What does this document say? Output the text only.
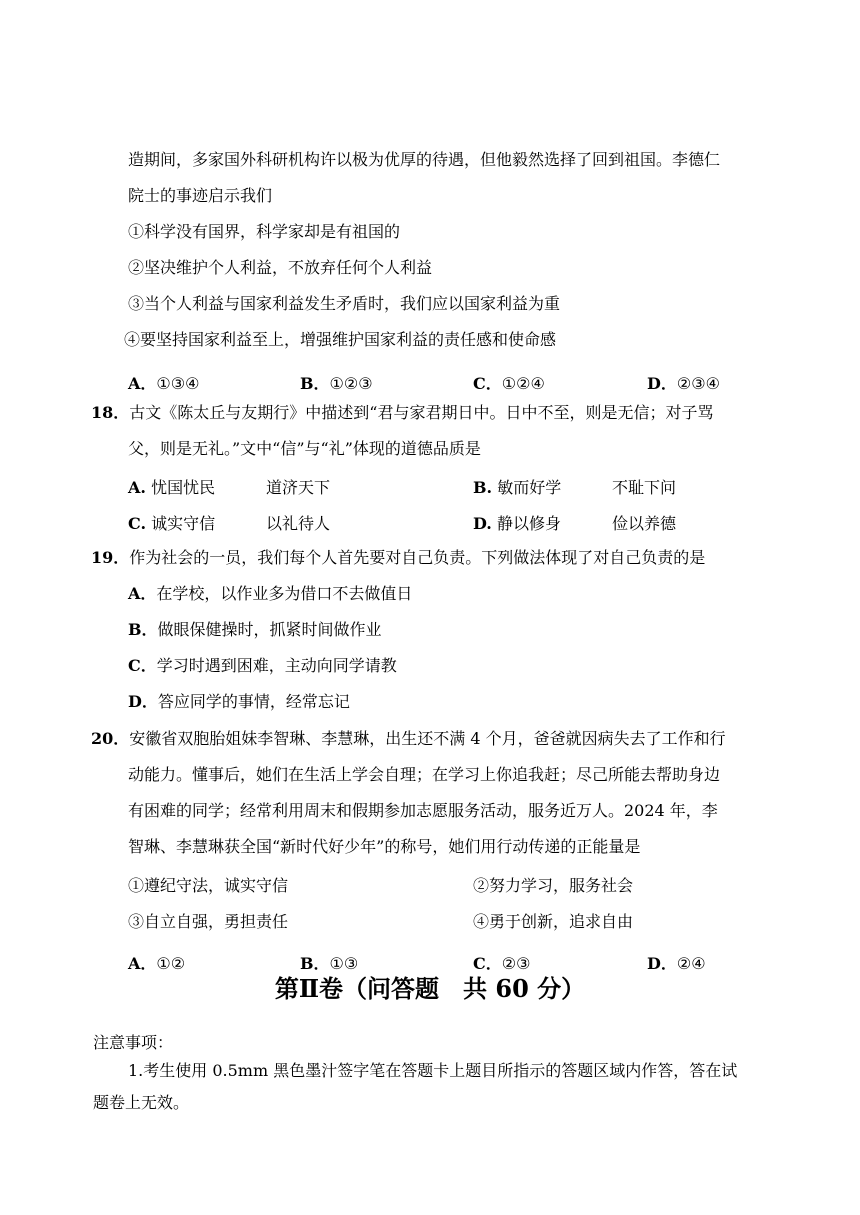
造期间，多家国外科研机构许以极为优厚的待遇，但他毅然选择了回到祖国。李德仁
院士的事迹启示我们
①科学没有国界，科学家却是有祖国的
②坚决维护个人利益，不放弃任何个人利益
③当个人利益与国家利益发生矛盾时，我们应以国家利益为重
④要坚持国家利益至上，增强维护国家利益的责任感和使命感
A．①③④	B．①②③	C．①②④	D．②③④
18．古文《陈太丘与友期行》中描述到“君与家君期日中。日中不至，则是无信；对子骂
父，则是无礼。”文中“信”与“礼”体现的道德品质是
A. 忧国忧民	道济天下	B. 敏而好学	不耻下问
C. 诚实守信	以礼待人	D. 静以修身	俭以养德
19．作为社会的一员，我们每个人首先要对自己负责。下列做法体现了对自己负责的是
A．在学校，以作业多为借口不去做值日
B．做眼保健操时，抓紧时间做作业
C．学习时遇到困难，主动向同学请教
D．答应同学的事情，经常忘记
20．安徽省双胞胎姐妹李智琳、李慧琳，出生还不满 4 个月，爸爸就因病失去了工作和行
动能力。懂事后，她们在生活上学会自理；在学习上你追我赶；尽己所能去帮助身边
有困难的同学；经常利用周末和假期参加志愿服务活动，服务近万人。2024 年，李
智琳、李慧琳获全国“新时代好少年”的称号，她们用行动传递的正能量是
①遵纪守法，诚实守信	②努力学习，服务社会
③自立自强，勇担责任	④勇于创新，追求自由
A．①②	B．①③	C．②③	D．②④
第Ⅱ卷（问答题　共 60 分）
注意事项：
1.考生使用 0.5mm 黑色墨汁签字笔在答题卡上题目所指示的答题区域内作答，答在试
题卷上无效。
